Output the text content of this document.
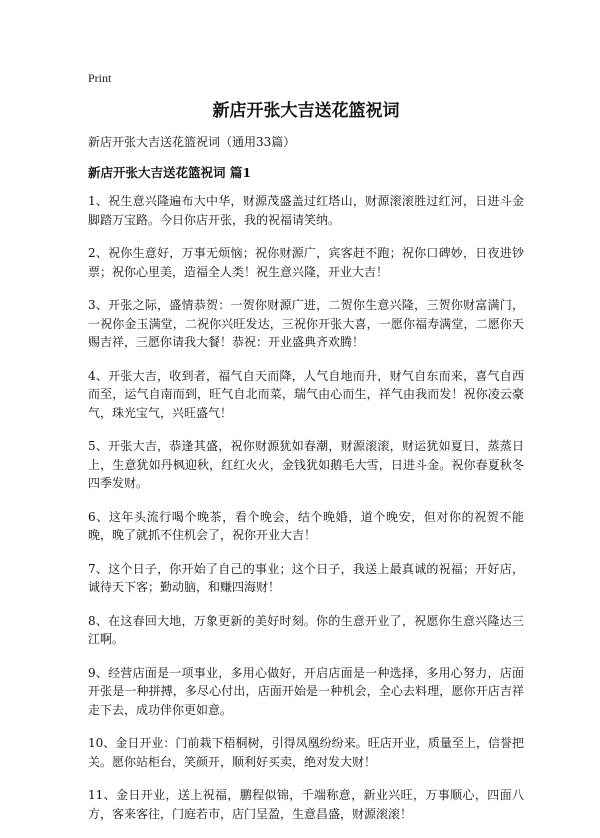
Print
新店开张大吉送花篮祝词
新店开张大吉送花篮祝词（通用33篇）
新店开张大吉送花篮祝词 篇1

1、祝生意兴隆遍布大中华，财源茂盛盖过红塔山，财源滚滚胜过红河，日进斗金脚踏万宝路。今日你店开张，我的祝福请笑纳。

2、祝你生意好，万事无烦恼；祝你财源广，宾客赶不跑；祝你口碑妙，日夜进钞票；祝你心里美，造福全人类！祝生意兴隆，开业大吉！

3、开张之际，盛情恭贺：一贺你财源广进，二贺你生意兴隆，三贺你财富满门，一祝你金玉满堂，二祝你兴旺发达，三祝你开张大喜，一愿你福寿满堂，二愿你天赐吉祥，三愿你请我大餐！恭祝：开业盛典齐欢腾！

4、开张大吉，收到者，福气自天而降，人气自地而升，财气自东而来，喜气自西而至，运气自南而到，旺气自北而菜，瑞气由心而生，祥气由我而发！祝你凌云豪气，珠光宝气，兴旺盛气！

5、开张大吉，恭逢其盛，祝你财源犹如春潮，财源滚滚，财运犹如夏日，蒸蒸日上，生意犹如丹枫迎秋，红红火火，金钱犹如鹅毛大雪，日进斗金。祝你春夏秋冬四季发财。

6、这年头流行喝个晚茶，看个晚会，结个晚婚，道个晚安，但对你的祝贺不能晚，晚了就抓不住机会了，祝你开业大吉！

7、这个日子，你开始了自己的事业；这个日子，我送上最真诚的祝福；开好店，诚待天下客；勤动脑，和赚四海财！

8、在这春回大地，万象更新的美好时刻。你的生意开业了，祝愿你生意兴隆达三江啊。

9、经营店面是一项事业，多用心做好，开启店面是一种选择，多用心努力，店面开张是一种拼搏，多尽心付出，店面开始是一种机会，全心去料理，愿你开店吉祥走下去，成功伴你更如意。

10、金日开业：门前栽下梧桐树，引得凤凰纷纷来。旺店开业，质量至上，信誉把关。愿你站柜台，笑颜开，顺利好买卖，绝对发大财！

11、金日开业，送上祝福，鹏程似锦，千端称意，新业兴旺，万事顺心，四面八方，客来客往，门庭若市，店门呈盈，生意昌盛，财源滚滚！
